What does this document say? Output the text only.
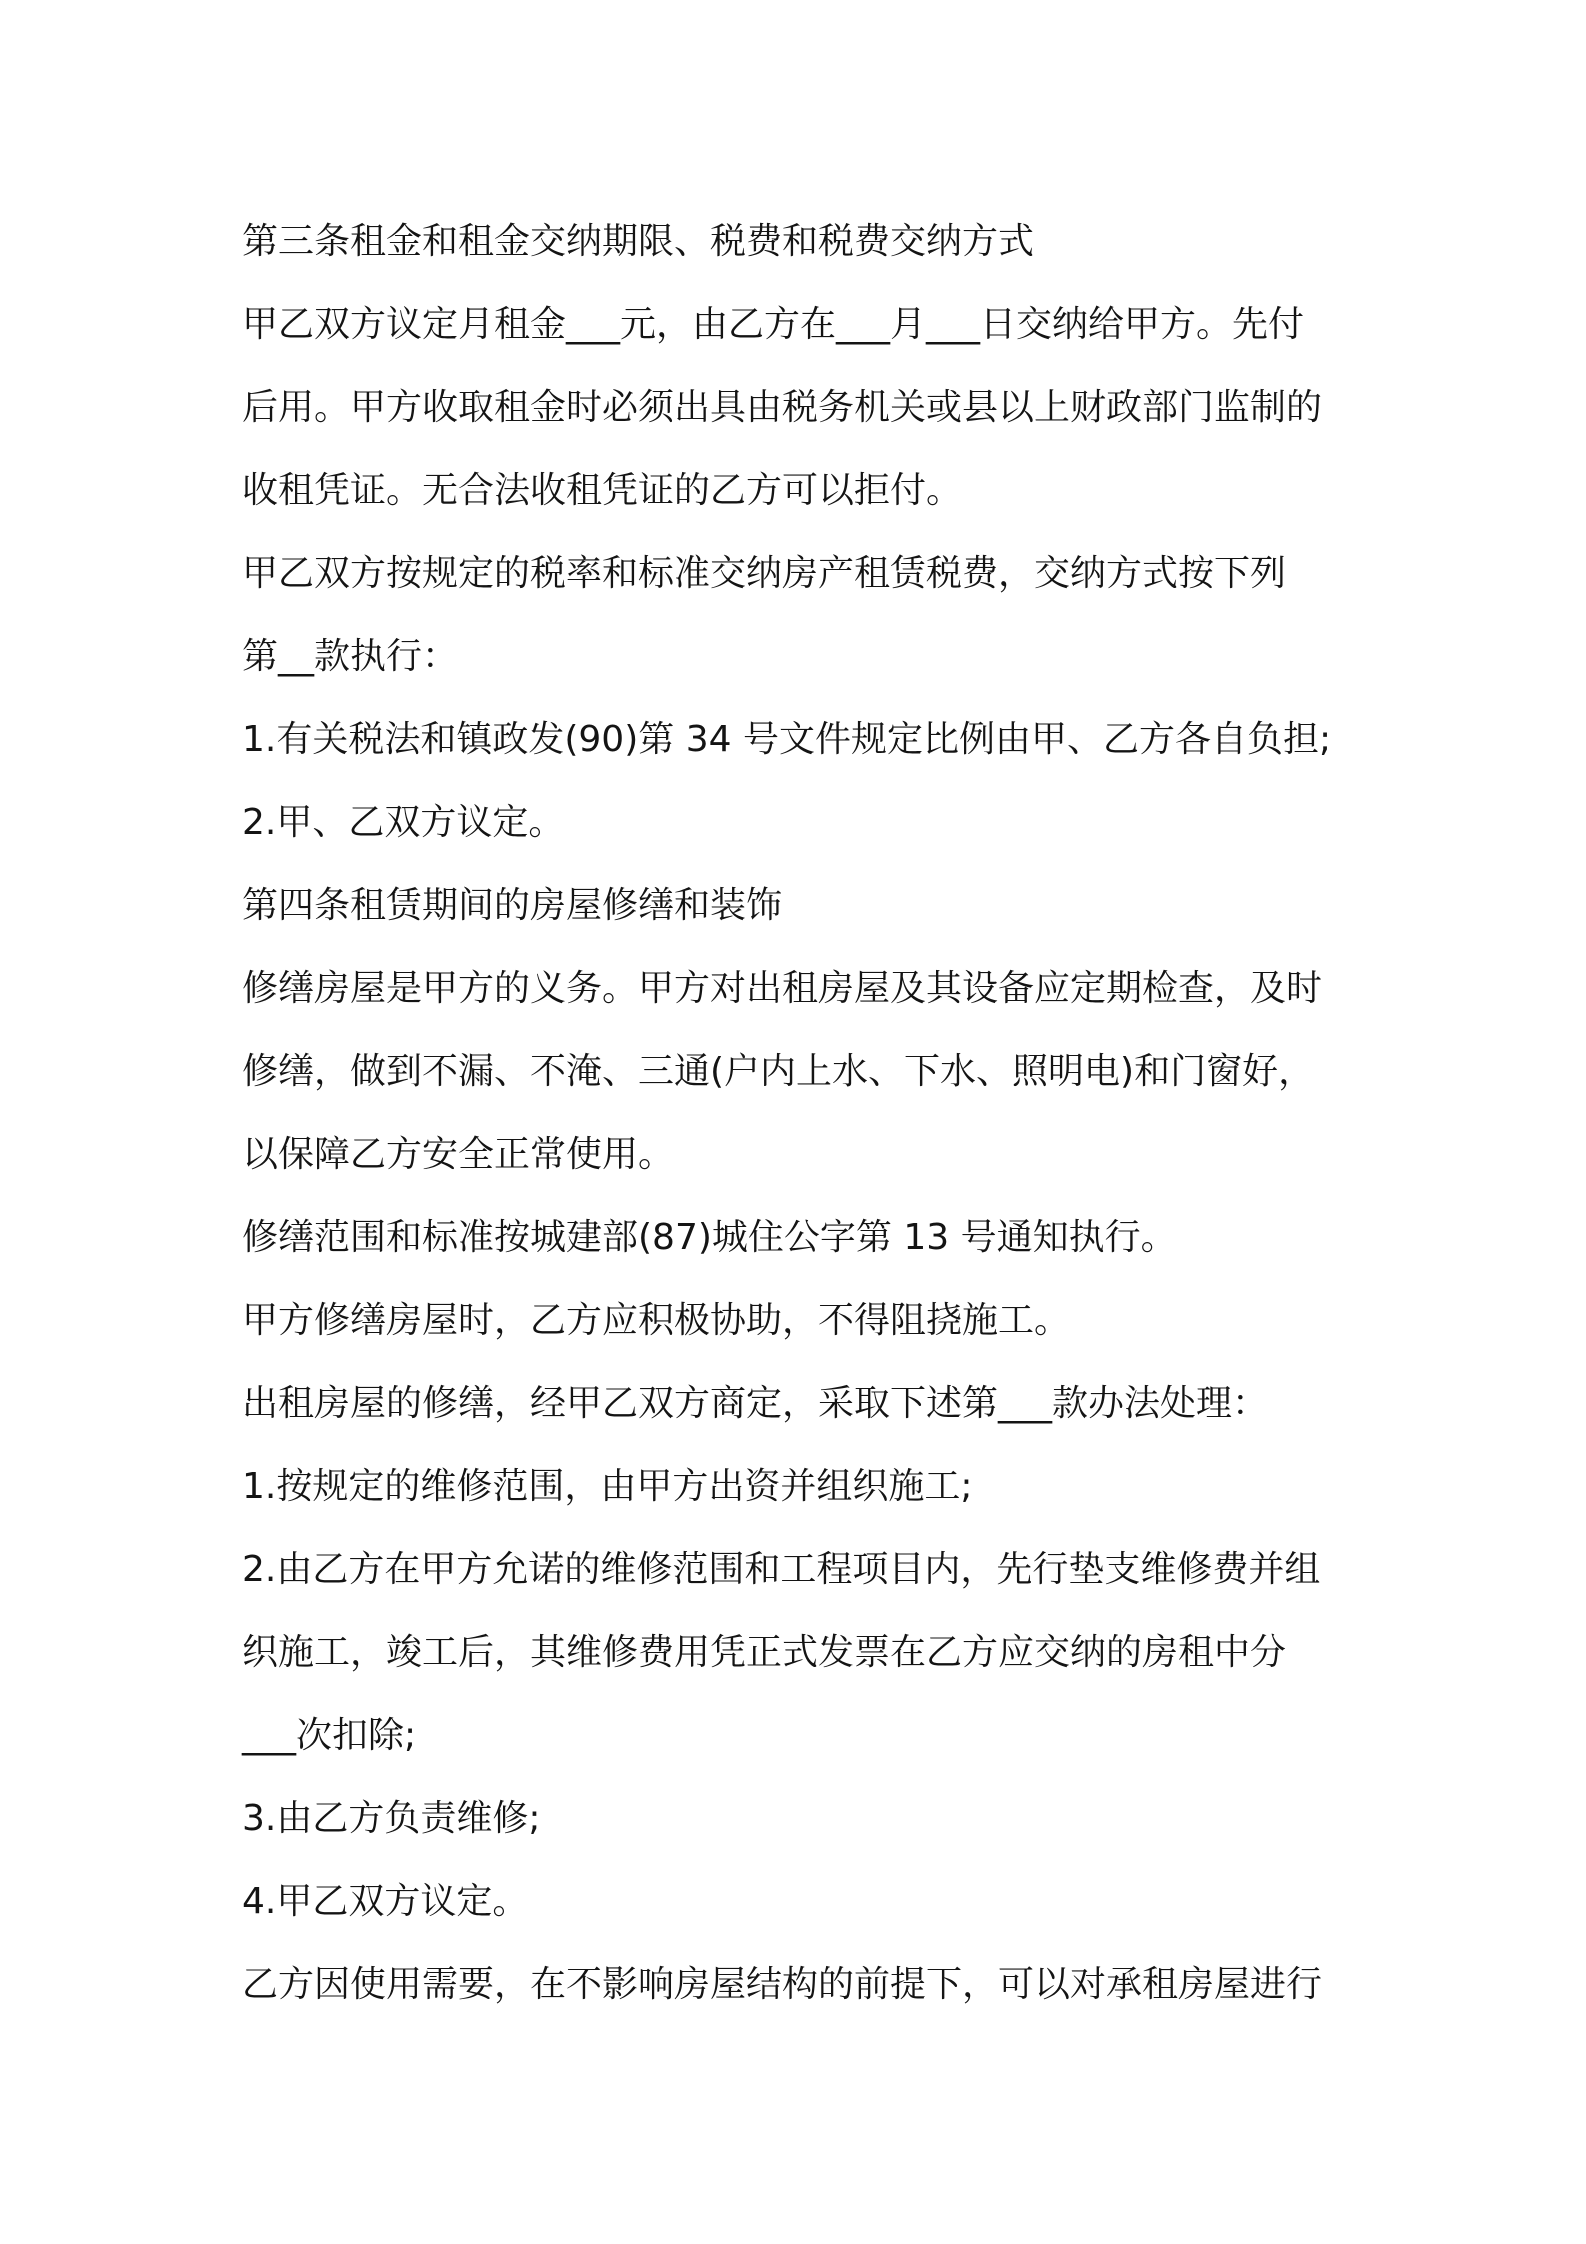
第三条租金和租金交纳期限、税费和税费交纳方式
甲乙双方议定月租金___元，由乙方在___月___日交纳给甲方。先付
后用。甲方收取租金时必须出具由税务机关或县以上财政部门监制的
收租凭证。无合法收租凭证的乙方可以拒付。
甲乙双方按规定的税率和标准交纳房产租赁税费，交纳方式按下列
第__款执行：
1.有关税法和镇政发(90)第 34 号文件规定比例由甲、乙方各自负担;
2.甲、乙双方议定。
第四条租赁期间的房屋修缮和装饰
修缮房屋是甲方的义务。甲方对出租房屋及其设备应定期检查，及时
修缮，做到不漏、不淹、三通(户内上水、下水、照明电)和门窗好，
以保障乙方安全正常使用。
修缮范围和标准按城建部(87)城住公字第 13 号通知执行。
甲方修缮房屋时，乙方应积极协助，不得阻挠施工。
出租房屋的修缮，经甲乙双方商定，采取下述第___款办法处理：
1.按规定的维修范围，由甲方出资并组织施工;
2.由乙方在甲方允诺的维修范围和工程项目内，先行垫支维修费并组
织施工，竣工后，其维修费用凭正式发票在乙方应交纳的房租中分
___次扣除;
3.由乙方负责维修;
4.甲乙双方议定。
乙方因使用需要，在不影响房屋结构的前提下，可以对承租房屋进行
